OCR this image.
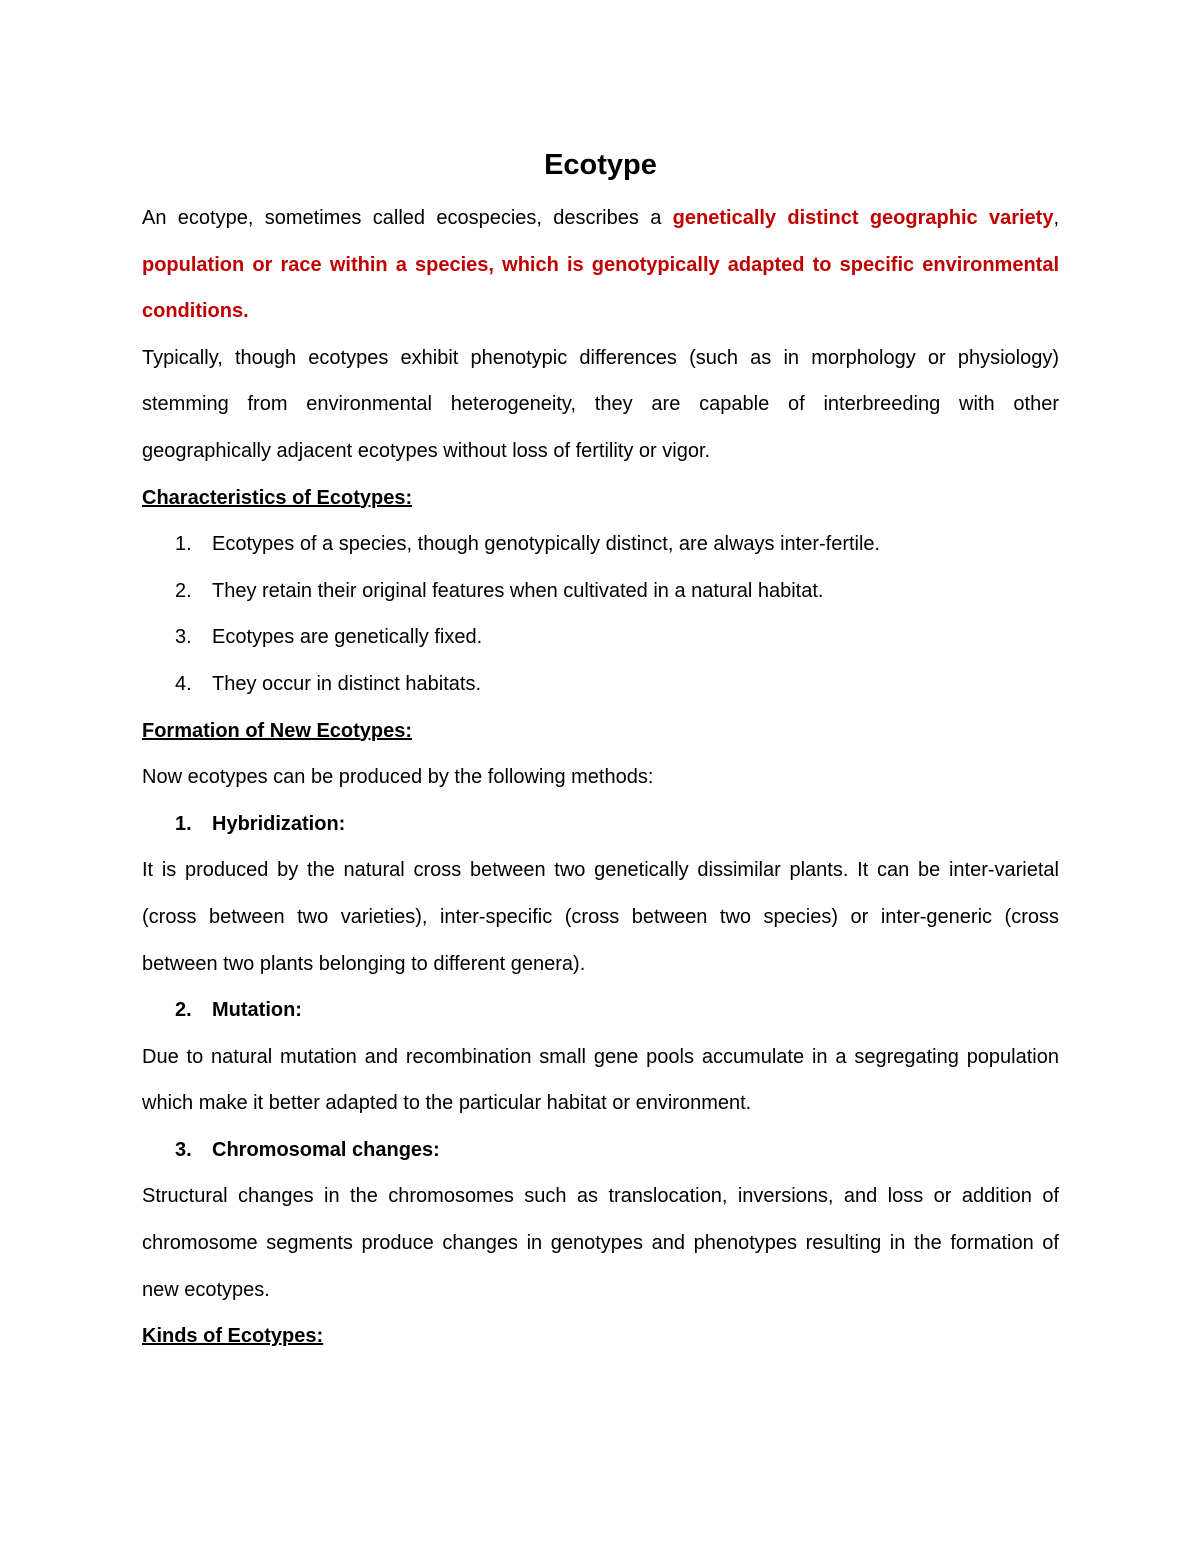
Ecotype

An ecotype, sometimes called ecospecies, describes a genetically distinct geographic variety, population or race within a species, which is genotypically adapted to specific environmental conditions.

Typically, though ecotypes exhibit phenotypic differences (such as in morphology or physiology) stemming from environmental heterogeneity, they are capable of interbreeding with other geographically adjacent ecotypes without loss of fertility or vigor.

Characteristics of Ecotypes:

1. Ecotypes of a species, though genotypically distinct, are always inter-fertile.
2. They retain their original features when cultivated in a natural habitat.
3. Ecotypes are genetically fixed.
4. They occur in distinct habitats.

Formation of New Ecotypes:

Now ecotypes can be produced by the following methods:

1. Hybridization:

It is produced by the natural cross between two genetically dissimilar plants. It can be inter-varietal (cross between two varieties), inter-specific (cross between two species) or inter-generic (cross between two plants belonging to different genera).

2. Mutation:

Due to natural mutation and recombination small gene pools accumulate in a segregating population which make it better adapted to the particular habitat or environment.

3. Chromosomal changes:

Structural changes in the chromosomes such as translocation, inversions, and loss or addition of chromosome segments produce changes in genotypes and phenotypes resulting in the formation of new ecotypes.

Kinds of Ecotypes:
